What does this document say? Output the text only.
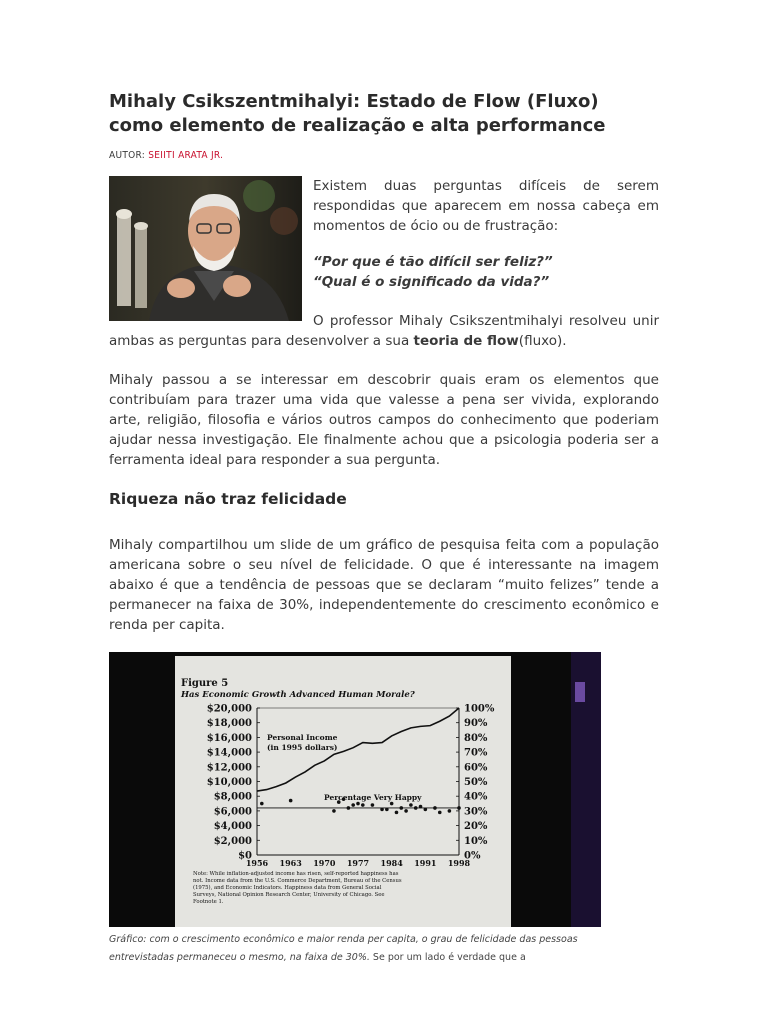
Mihaly Csikszentmihalyi: Estado de Flow (Fluxo) como elemento de realização e alta performance
AUTOR: SEIITI ARATA JR.

Existem duas perguntas difíceis de serem respondidas que aparecem em nossa cabeça em momentos de ócio ou de frustração:

“Por que é tão difícil ser feliz?”
“Qual é o significado da vida?”

O professor Mihaly Csikszentmihalyi resolveu unir ambas as perguntas para desenvolver a sua teoria de flow(fluxo).

Mihaly passou a se interessar em descobrir quais eram os elementos que contribuíam para trazer uma vida que valesse a pena ser vivida, explorando arte, religião, filosofia e vários outros campos do conhecimento que poderiam ajudar nessa investigação. Ele finalmente achou que a psicologia poderia ser a ferramenta ideal para responder a sua pergunta.

Riqueza não traz felicidade

Mihaly compartilhou um slide de um gráfico de pesquisa feita com a população americana sobre o seu nível de felicidade. O que é interessante na imagem abaixo é que a tendência de pessoas que se declaram “muito felizes” tende a permanecer na faixa de 30%, independentemente do crescimento econômico e renda per capita.

Figure 5
Has Economic Growth Advanced Human Morale?
$20,000
$18,000
$16,000
$14,000
$12,000
$10,000
$8,000
$6,000
$4,000
$2,000
$0
100%
90%
80%
70%
60%
50%
40%
30%
20%
10%
0%
1956 1963 1970 1977 1984 1991 1998
Personal Income
(in 1995 dollars)
Percentage Very Happy
Note: While inflation-adjusted income has risen, self-reported happiness has
not. Income data from the U.S. Commerce Department, Bureau of the Census
(1975), and Economic Indicators. Happiness data from General Social
Surveys, National Opinion Research Center, University of Chicago. See
Footnote 1.
Gráfico: com o crescimento econômico e maior renda per capita, o grau de felicidade das pessoas entrevistadas permaneceu o mesmo, na faixa de 30%. Se por um lado é verdade que a
